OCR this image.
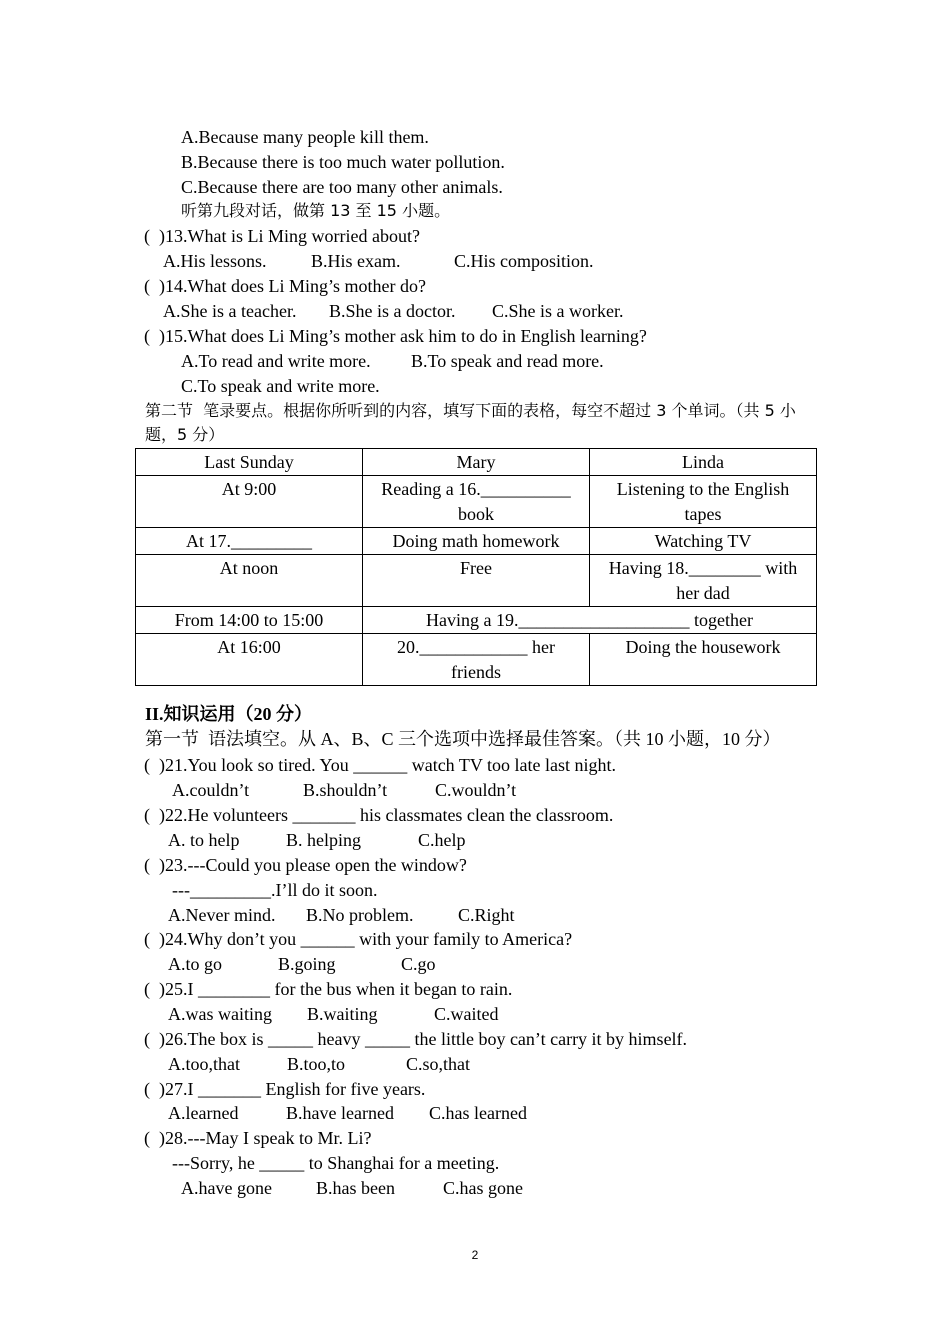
A.Because many people kill them.
B.Because there is too much water pollution.
C.Because there are too many other animals.
听第九段对话，做第 13 至 15 小题。
(  )13.What is Li Ming worried about?
A.His lessons. B.His exam.	C.His composition.
(  )14.What does Li Ming’s mother do?
A.She is a teacher. B.She is a doctor. C.She is a worker.
(  )15.What does Li Ming’s mother ask him to do in English learning?
A.To read and write more. B.To speak and read more.
C.To speak and write more.
第二节  笔录要点。根据你所听到的内容，填写下面的表格，每空不超过 3 个单词。（共 5 小
题，5 分）
Last Sunday	Mary	Linda
At 9:00	Reading a 16.__________ book	Listening to the English tapes
At 17._________	Doing math homework	Watching TV
At noon	Free	Having 18.________ with her dad
From 14:00 to 15:00	Having a 19.___________________ together	
At 16:00	20.____________ her friends	Doing the housework
II.知识运用（20 分）
第一节  语法填空。从 A、B、C 三个选项中选择最佳答案。（共 10 小题，10 分）
(  )21.You look so tired. You ______ watch TV too late last night.
A.couldn’t	B.shouldn’t	C.wouldn’t
(  )22.He volunteers _______ his classmates clean the classroom.
A. to help	B. helping	C.help
(  )23.---Could you please open the window?
---_________.I’ll do it soon.
A.Never mind. B.No problem. C.Right
(  )24.Why don’t you ______ with your family to America?
A.to go	B.going	C.go
(  )25.I ________ for the bus when it began to rain.
A.was waiting B.waiting	C.waited
(  )26.The box is _____ heavy _____ the little boy can’t carry it by himself.
A.too,that	B.too,to	C.so,that
(  )27.I _______ English for five years.
A.learned	B.have learned C.has learned
(  )28.---May I speak to Mr. Li?
---Sorry, he _____ to Shanghai for a meeting.
A.have gone B.has been	C.has gone
2
